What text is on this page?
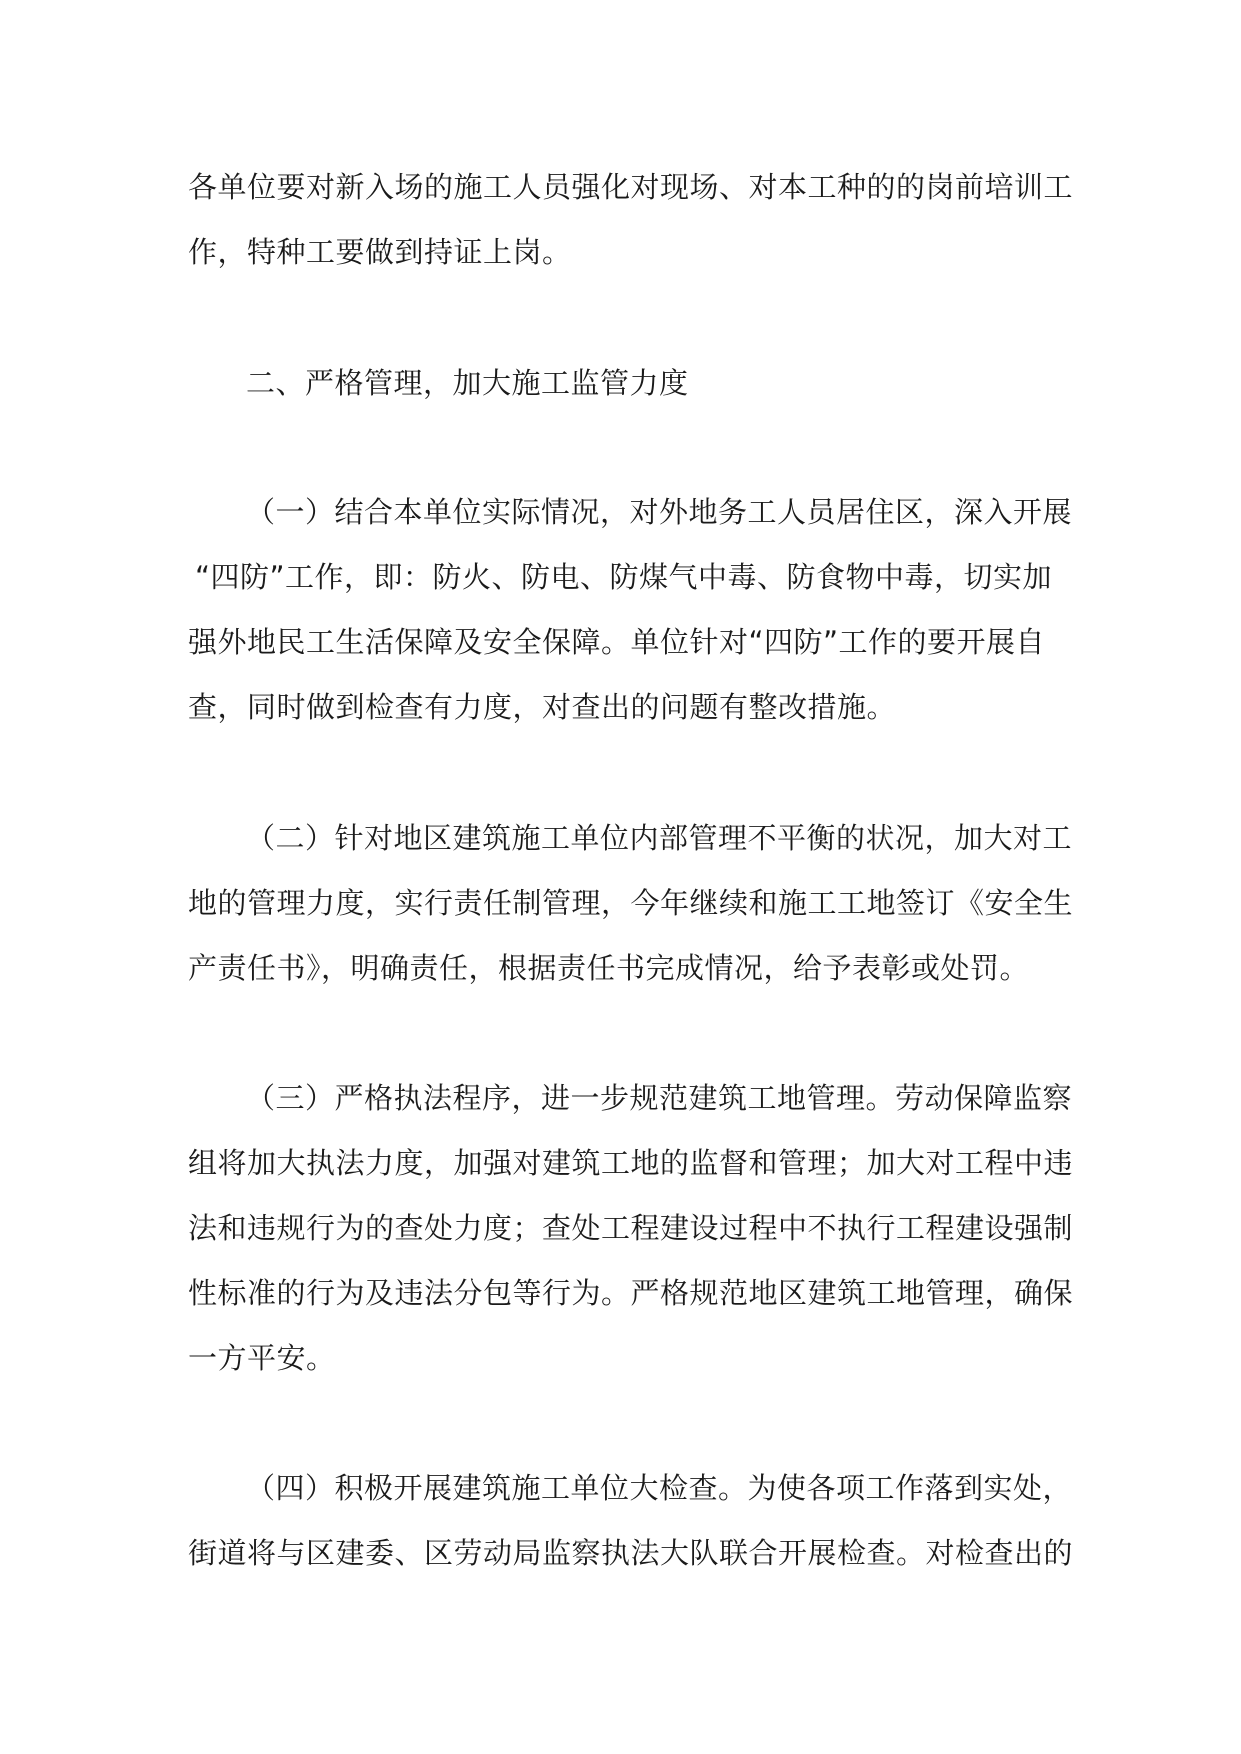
各单位要对新入场的施工人员强化对现场、对本工种的的岗前培训工
作，特种工要做到持证上岗。
二、严格管理，加大施工监管力度
（一）结合本单位实际情况，对外地务工人员居住区，深入开展
“四防”工作，即：防火、防电、防煤气中毒、防食物中毒，切实加
强外地民工生活保障及安全保障。单位针对“四防”工作的要开展自
查，同时做到检查有力度，对查出的问题有整改措施。
（二）针对地区建筑施工单位内部管理不平衡的状况，加大对工
地的管理力度，实行责任制管理，今年继续和施工工地签订《安全生
产责任书》，明确责任，根据责任书完成情况，给予表彰或处罚。
（三）严格执法程序，进一步规范建筑工地管理。劳动保障监察
组将加大执法力度，加强对建筑工地的监督和管理；加大对工程中违
法和违规行为的查处力度；查处工程建设过程中不执行工程建设强制
性标准的行为及违法分包等行为。严格规范地区建筑工地管理，确保
一方平安。
（四）积极开展建筑施工单位大检查。为使各项工作落到实处，
街道将与区建委、区劳动局监察执法大队联合开展检查。对检查出的
